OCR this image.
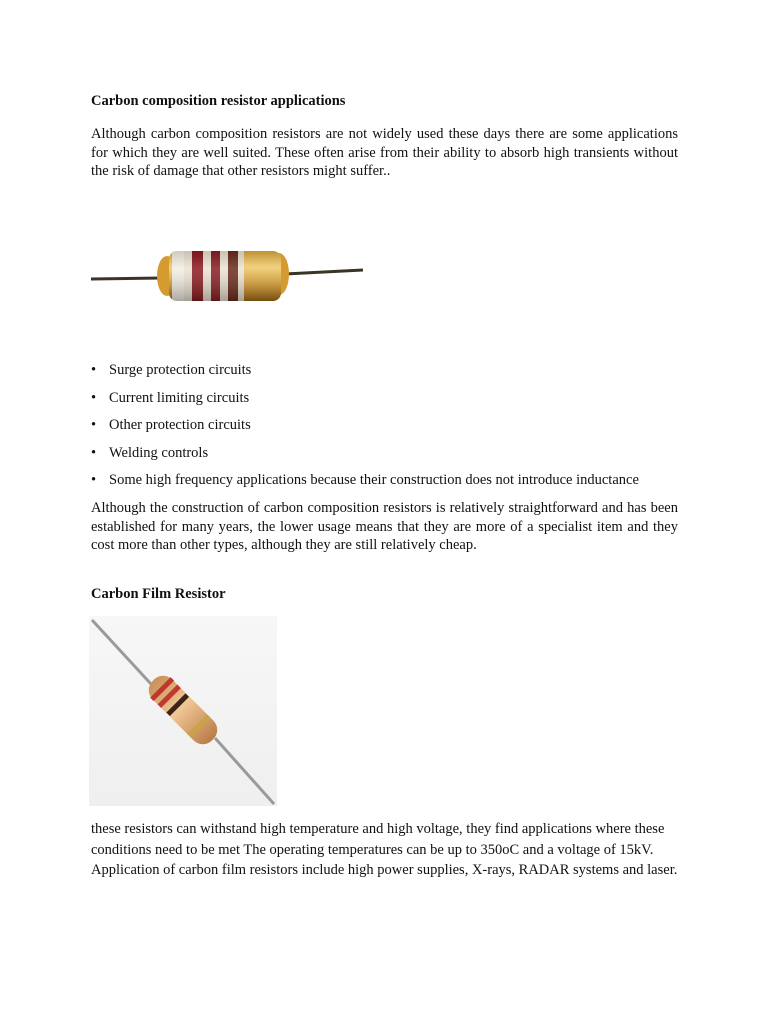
Carbon composition resistor applications

Although carbon composition resistors are not widely used these days there are some applications for which they are well suited. These often arise from their ability to absorb high transients without the risk of damage that other resistors might suffer..

• Surge protection circuits
• Current limiting circuits
• Other protection circuits
• Welding controls
• Some high frequency applications because their construction does not introduce inductance

Although the construction of carbon composition resistors is relatively straightforward and has been established for many years, the lower usage means that they are more of a specialist item and they cost more than other types, although they are still relatively cheap.

Carbon Film Resistor

these resistors can withstand high temperature and high voltage, they find applications where these conditions need to be met The operating temperatures can be up to 350oC and a voltage of 15kV. Application of carbon film resistors include high power supplies, X-rays, RADAR systems and laser.
